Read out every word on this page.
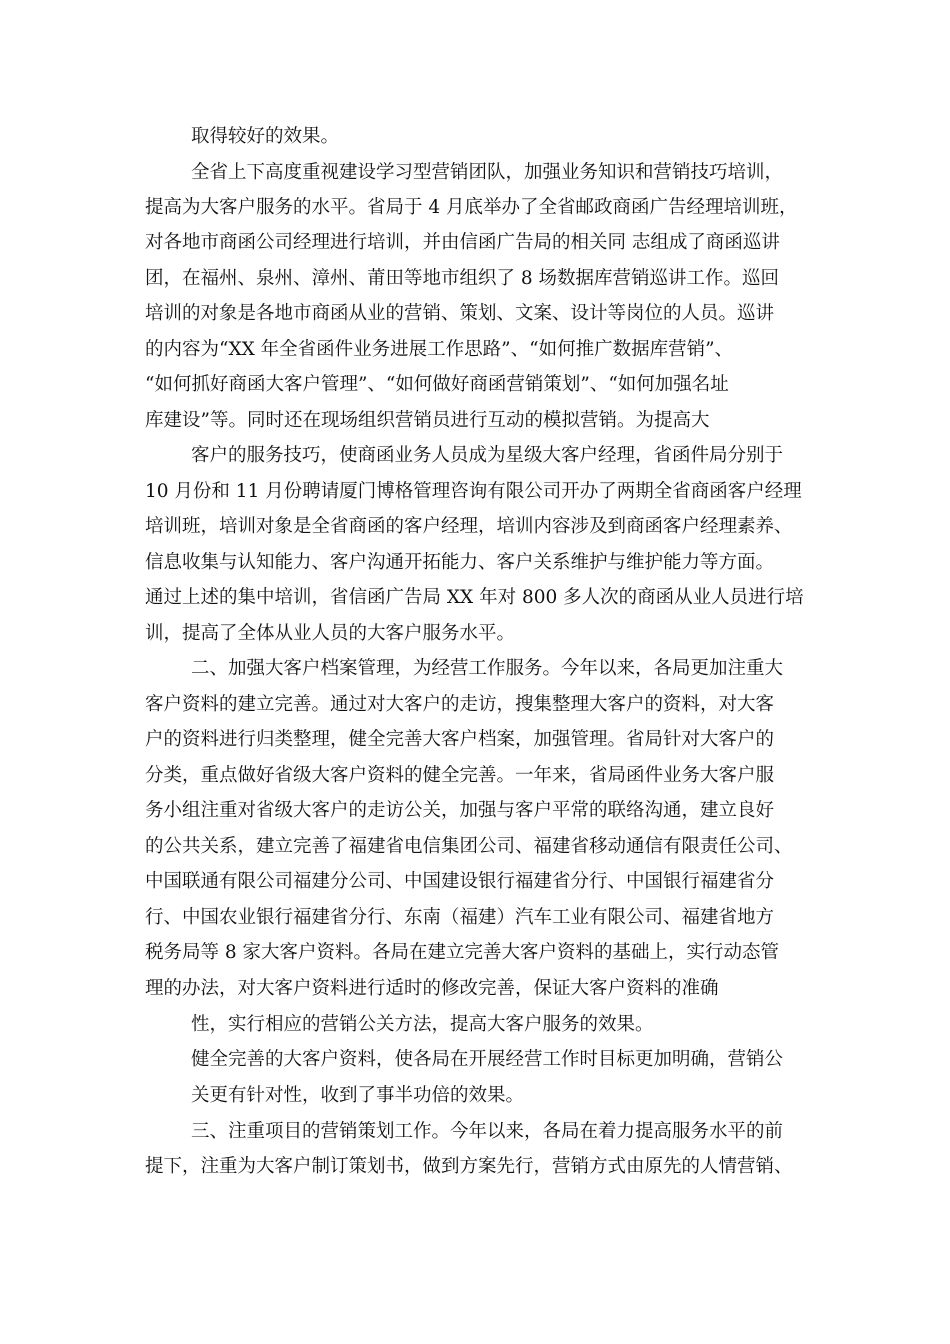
取得较好的效果。
全省上下高度重视建设学习型营销团队，加强业务知识和营销技巧培训，
提高为大客户服务的水平。省局于 4 月底举办了全省邮政商函广告经理培训班，
对各地市商函公司经理进行培训，并由信函广告局的相关同 志组成了商函巡讲
团，在福州、泉州、漳州、莆田等地市组织了 8 场数据库营销巡讲工作。巡回
培训的对象是各地市商函从业的营销、策划、文案、设计等岗位的人员。巡讲
的内容为“XX 年全省函件业务进展工作思路”、“如何推广数据库营销”、
“如何抓好商函大客户管理”、“如何做好商函营销策划”、“如何加强名址
库建设”等。同时还在现场组织营销员进行互动的模拟营销。为提高大
客户的服务技巧，使商函业务人员成为星级大客户经理，省函件局分别于
10 月份和 11 月份聘请厦门博格管理咨询有限公司开办了两期全省商函客户经理
培训班，培训对象是全省商函的客户经理，培训内容涉及到商函客户经理素养、
信息收集与认知能力、客户沟通开拓能力、客户关系维护与维护能力等方面。
通过上述的集中培训，省信函广告局 XX 年对 800 多人次的商函从业人员进行培
训，提高了全体从业人员的大客户服务水平。
二、加强大客户档案管理，为经营工作服务。今年以来，各局更加注重大
客户资料的建立完善。通过对大客户的走访，搜集整理大客户的资料，对大客
户的资料进行归类整理，健全完善大客户档案，加强管理。省局针对大客户的
分类，重点做好省级大客户资料的健全完善。一年来，省局函件业务大客户服
务小组注重对省级大客户的走访公关，加强与客户平常的联络沟通，建立良好
的公共关系，建立完善了福建省电信集团公司、福建省移动通信有限责任公司、
中国联通有限公司福建分公司、中国建设银行福建省分行、中国银行福建省分
行、中国农业银行福建省分行、东南（福建）汽车工业有限公司、福建省地方
税务局等 8 家大客户资料。各局在建立完善大客户资料的基础上，实行动态管
理的办法，对大客户资料进行适时的修改完善，保证大客户资料的准确
性，实行相应的营销公关方法，提高大客户服务的效果。
健全完善的大客户资料，使各局在开展经营工作时目标更加明确，营销公
关更有针对性，收到了事半功倍的效果。
三、注重项目的营销策划工作。今年以来，各局在着力提高服务水平的前
提下，注重为大客户制订策划书，做到方案先行，营销方式由原先的人情营销、
